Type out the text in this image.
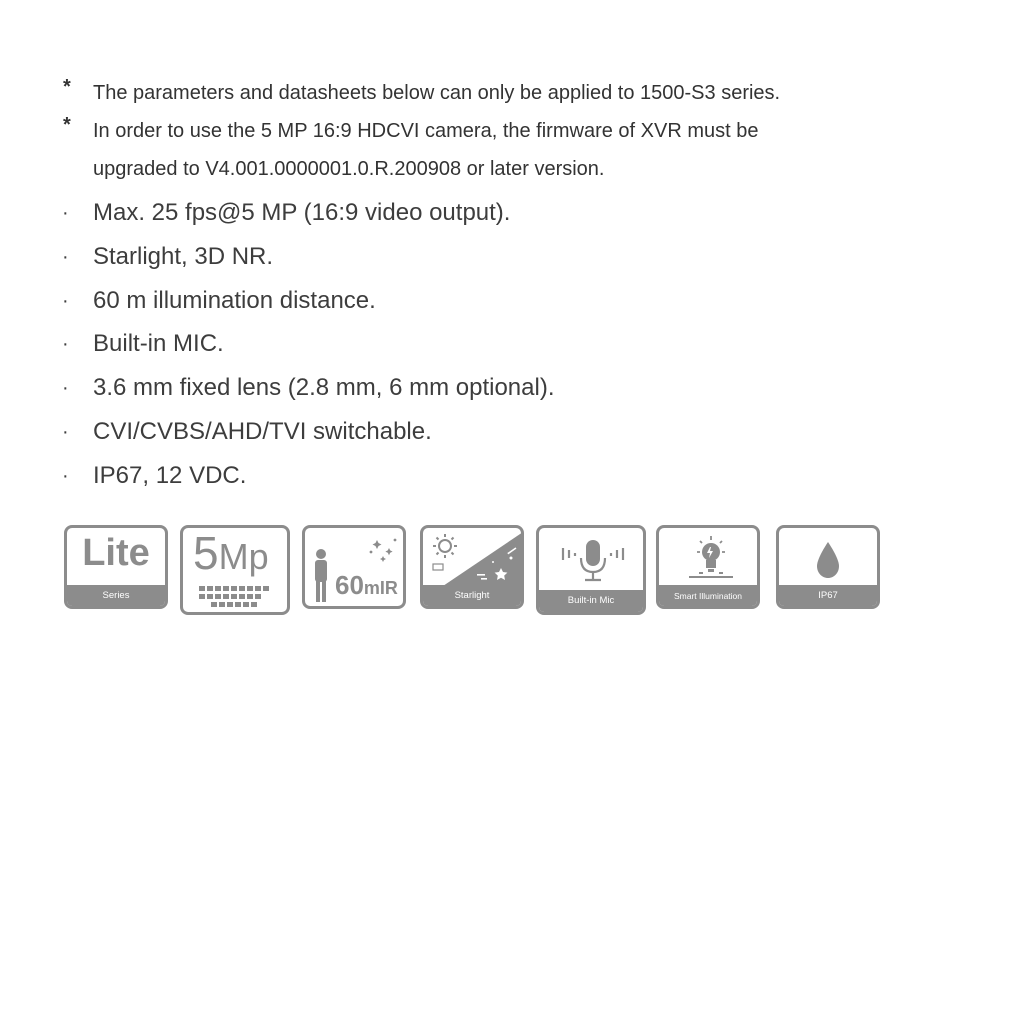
* The parameters and datasheets below can only be applied to 1500-S3 series.
* In order to use the 5 MP 16:9 HDCVI camera, the firmware of XVR must be
upgraded to V4.001.0000001.0.R.200908 or later version.
· Max. 25 fps@5 MP (16:9 video output).
· Starlight, 3D NR.
· 60 m illumination distance.
· Built-in MIC.
· 3.6 mm fixed lens (2.8 mm, 6 mm optional).
· CVI/CVBS/AHD/TVI switchable.
· IP67, 12 VDC.
Lite
Series
5Mp
60mIR	Starlight	Built-in Mic	Smart Illumination	IP67
